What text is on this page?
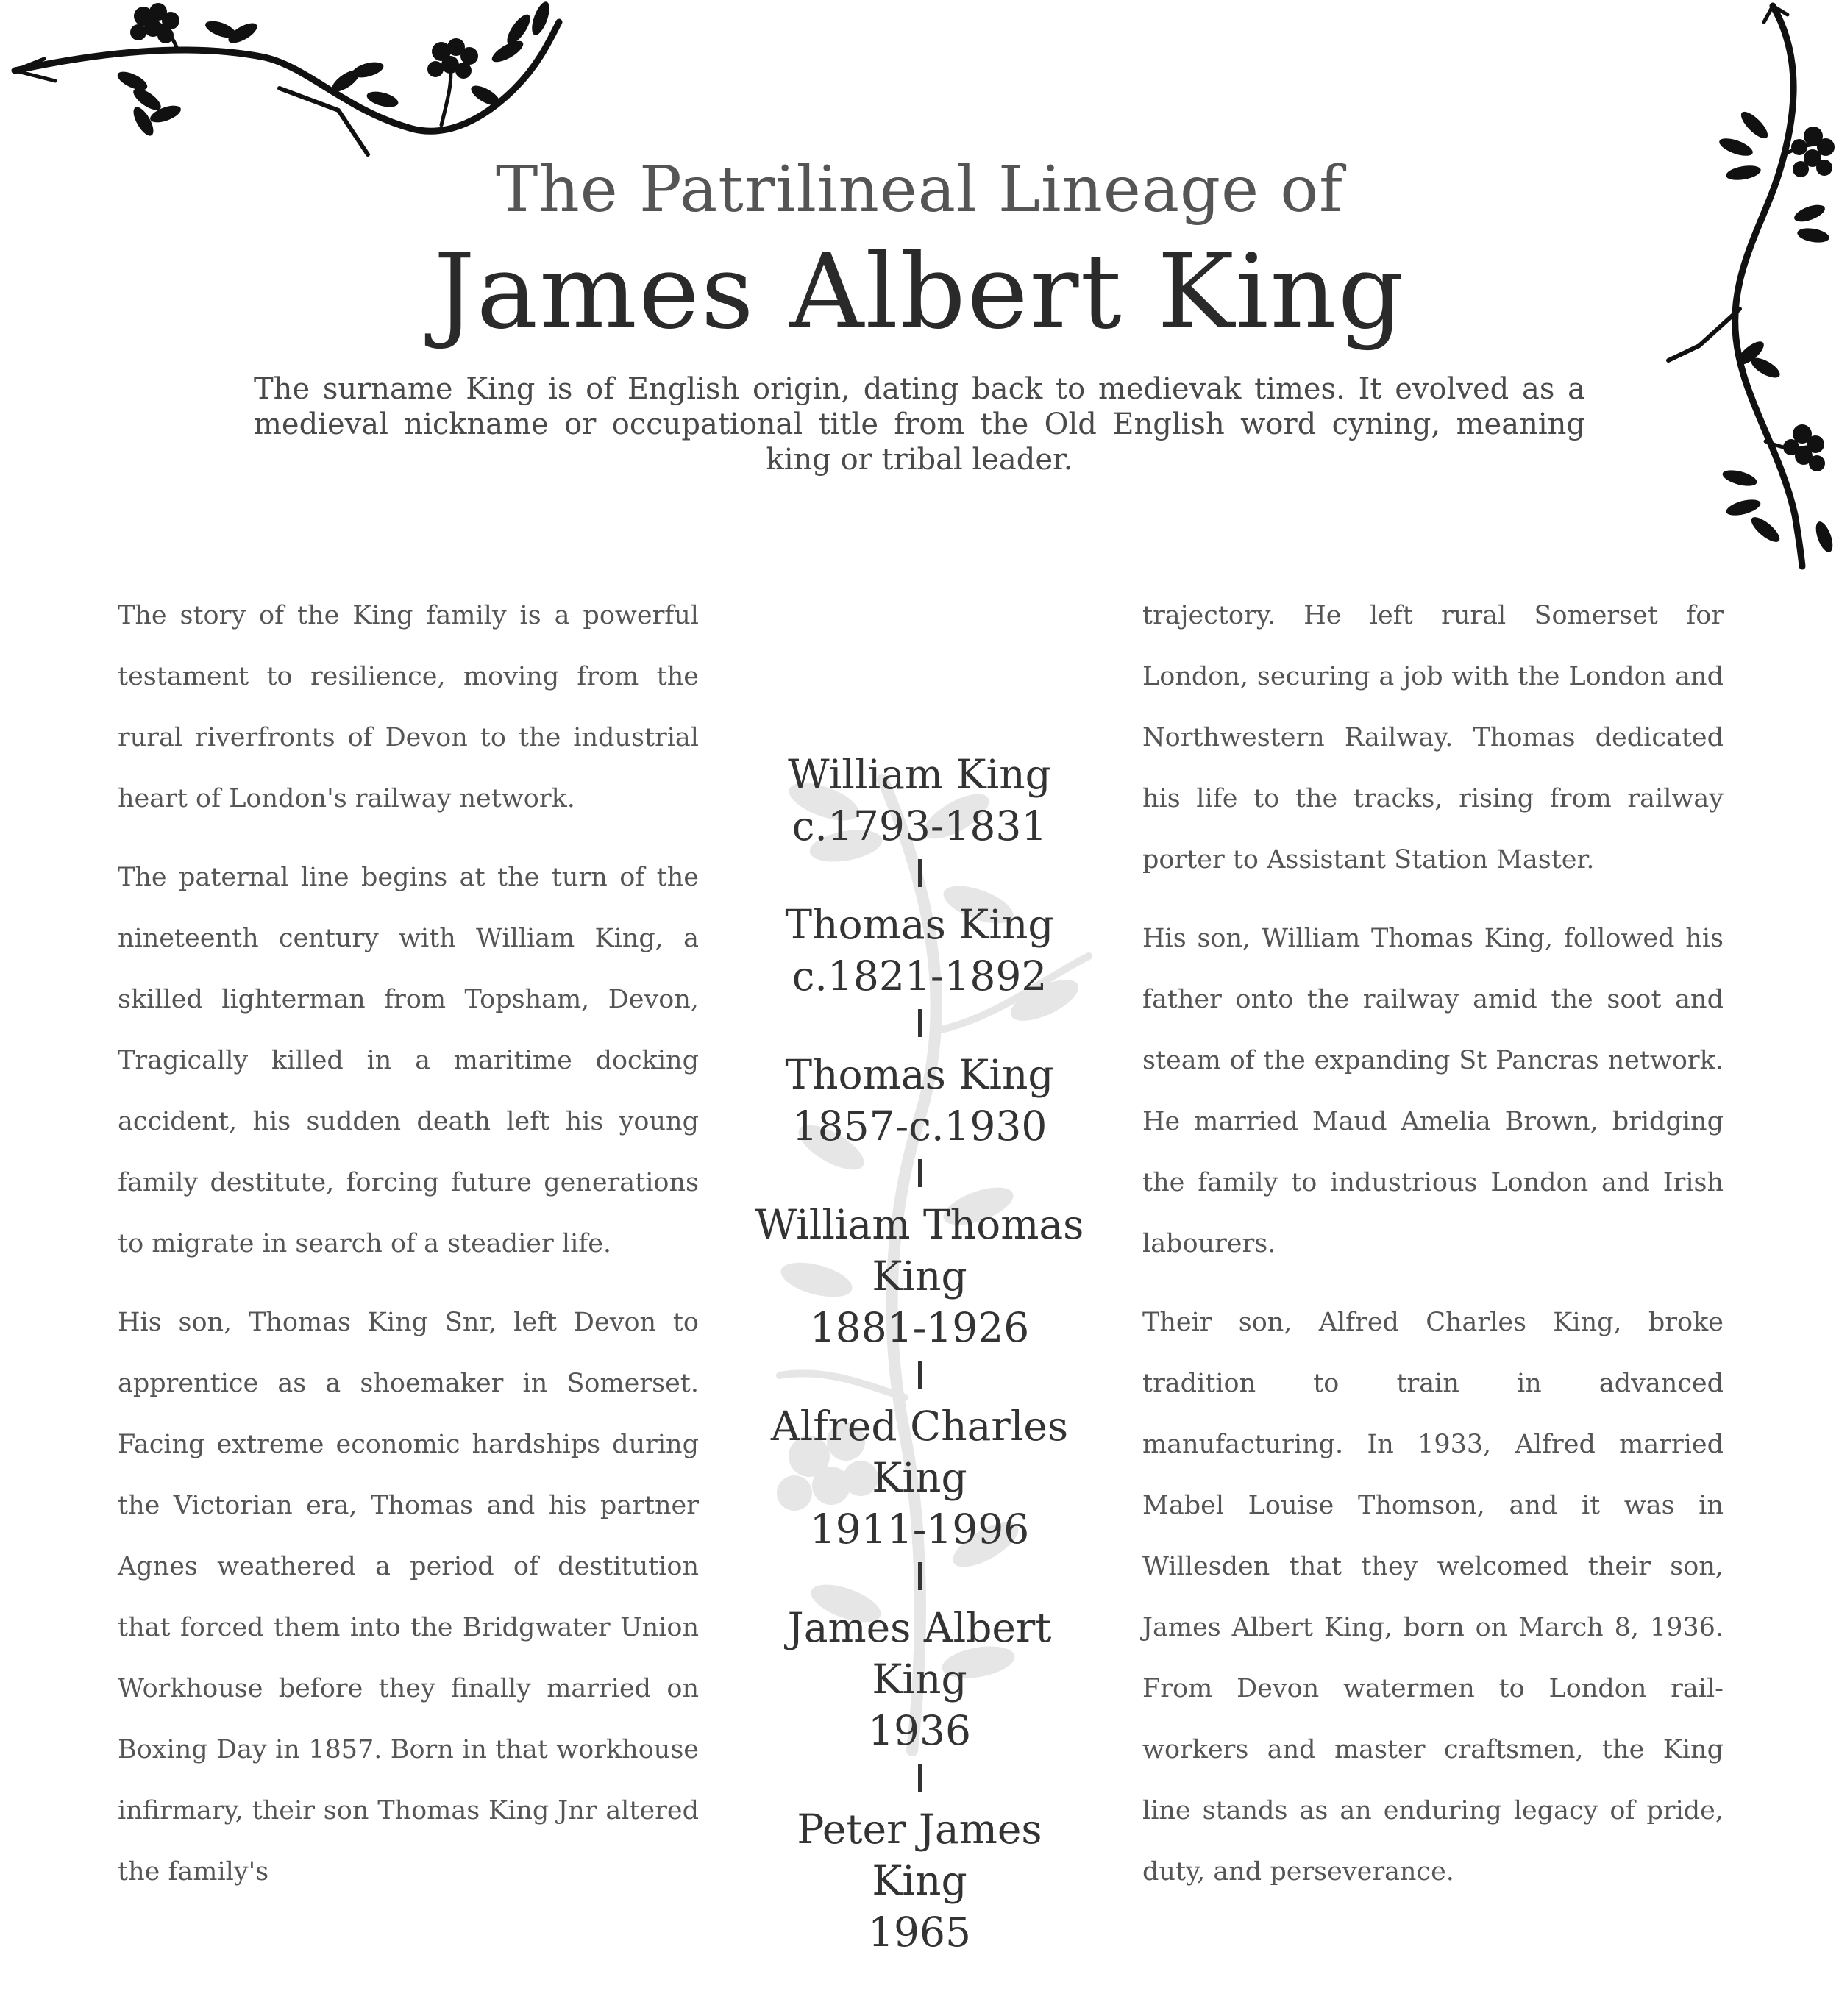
The Patrilineal Lineage of
James Albert King
The surname King is of English origin, dating back to medievak times. It evolved as a medieval nickname or occupational title from the Old English word cyning, meaning king or tribal leader.

The story of the King family is a powerful testament to resilience, moving from the rural riverfronts of Devon to the industrial heart of London's railway network.

The paternal line begins at the turn of the nineteenth century with William King, a skilled lighterman from Topsham, Devon, Tragically killed in a maritime docking accident, his sudden death left his young family destitute, forcing future generations to migrate in search of a steadier life.

His son, Thomas King Snr, left Devon to apprentice as a shoemaker in Somerset. Facing extreme economic hardships during the Victorian era, Thomas and his partner Agnes weathered a period of destitution that forced them into the Bridgwater Union Workhouse before they finally married on Boxing Day in 1857. Born in that workhouse infirmary, their son Thomas King Jnr altered the family's

trajectory. He left rural Somerset for London, securing a job with the London and Northwestern Railway. Thomas dedicated his life to the tracks, rising from railway porter to Assistant Station Master.

His son, William Thomas King, followed his father onto the railway amid the soot and steam of the expanding St Pancras network. He married Maud Amelia Brown, bridging the family to industrious London and Irish labourers.

Their son, Alfred Charles King, broke tradition to train in advanced manufacturing. In 1933, Alfred married Mabel Louise Thomson, and it was in Willesden that they welcomed their son, James Albert King, born on March 8, 1936. From Devon watermen to London rail-workers and master craftsmen, the King line stands as an enduring legacy of pride, duty, and perseverance.

William King
c.1793-1831
Thomas King
c.1821-1892
Thomas King
1857-c.1930
William Thomas
King
1881-1926
Alfred Charles
King
1911-1996
James Albert
King
1936
Peter James
King
1965
